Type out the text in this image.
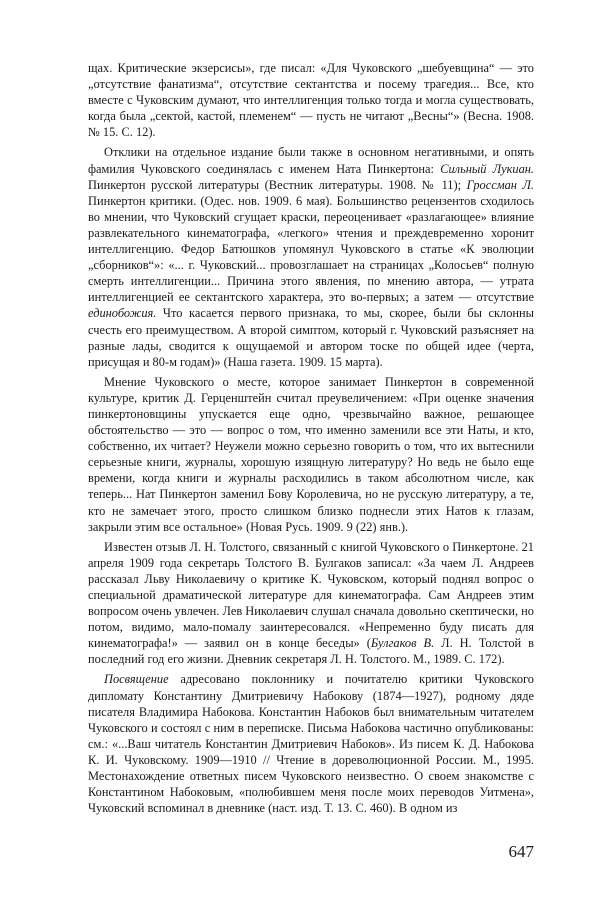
щах. Критические экзерсисы», где писал: «Для Чуковского „шебуевщина“ — это „отсутствие фанатизма“, отсутствие сектантства и посему трагедия... Все, кто вместе с Чуковским думают, что интеллигенция только тогда и могла существовать, когда была „сектой, кастой, племенем“ — пусть не читают „Весны“» (Весна. 1908. № 15. С. 12).

Отклики на отдельное издание были также в основном негативными, и опять фамилия Чуковского соединялась с именем Ната Пинкертона: Сильный Лукиан. Пинкертон русской литературы (Вестник литературы. 1908. № 11); Гроссман Л. Пинкертон критики. (Одес. нов. 1909. 6 мая). Большинство рецензентов сходилось во мнении, что Чуковский сгущает краски, переоценивает «разлагающее» влияние развлекательного кинематографа, «легкого» чтения и преждевременно хоронит интеллигенцию. Федор Батюшков упомянул Чуковского в статье «К эволюции „сборников“»: «... г. Чуковский... провозглашает на страницах „Колосьев“ полную смерть интеллигенции... Причина этого явления, по мнению автора, — утрата интеллигенцией ее сектантского характера, это во-первых; а затем — отсутствие единобожия. Что касается первого признака, то мы, скорее, были бы склонны счесть его преимуществом. А второй симптом, который г. Чуковский разъясняет на разные лады, сводится к ощущаемой и автором тоске по общей идее (черта, присущая и 80-м годам)» (Наша газета. 1909. 15 марта).

Мнение Чуковского о месте, которое занимает Пинкертон в современной культуре, критик Д. Герценштейн считал преувеличением: «При оценке значения пинкертоновщины упускается еще одно, чрезвычайно важное, решающее обстоятельство — это — вопрос о том, что именно заменили все эти Наты, и кто, собственно, их читает? Неужели можно серьезно говорить о том, что их вытеснили серьезные книги, журналы, хорошую изящную литературу? Но ведь не было еще времени, когда книги и журналы расходились в таком абсолютном числе, как теперь... Нат Пинкертон заменил Бову Королевича, но не русскую литературу, а те, кто не замечает этого, просто слишком близко поднесли этих Натов к глазам, закрыли этим все остальное» (Новая Русь. 1909. 9 (22) янв.).

Известен отзыв Л. Н. Толстого, связанный с книгой Чуковского о Пинкертоне. 21 апреля 1909 года секретарь Толстого В. Булгаков записал: «За чаем Л. Андреев рассказал Льву Николаевичу о критике К. Чуковском, который поднял вопрос о специальной драматической литературе для кинематографа. Сам Андреев этим вопросом очень увлечен. Лев Николаевич слушал сначала довольно скептически, но потом, видимо, мало-помалу заинтересовался. «Непременно буду писать для кинематографа!» — заявил он в конце беседы» (Булгаков В. Л. Н. Толстой в последний год его жизни. Дневник секретаря Л. Н. Толстого. М., 1989. С. 172).

Посвящение адресовано поклоннику и почитателю критики Чуковского дипломату Константину Дмитриевичу Набокову (1874—1927), родному дяде писателя Владимира Набокова. Константин Набоков был внимательным читателем Чуковского и состоял с ним в переписке. Письма Набокова частично опубликованы: см.: «...Ваш читатель Константин Дмитриевич Набоков». Из писем К. Д. Набокова К. И. Чуковскому. 1909—1910 // Чтение в дореволюционной России. М., 1995. Местонахождение ответных писем Чуковского неизвестно. О своем знакомстве с Константином Набоковым, «полюбившем меня после моих переводов Уитмена», Чуковский вспоминал в дневнике (наст. изд. Т. 13. С. 460). В одном из

647
